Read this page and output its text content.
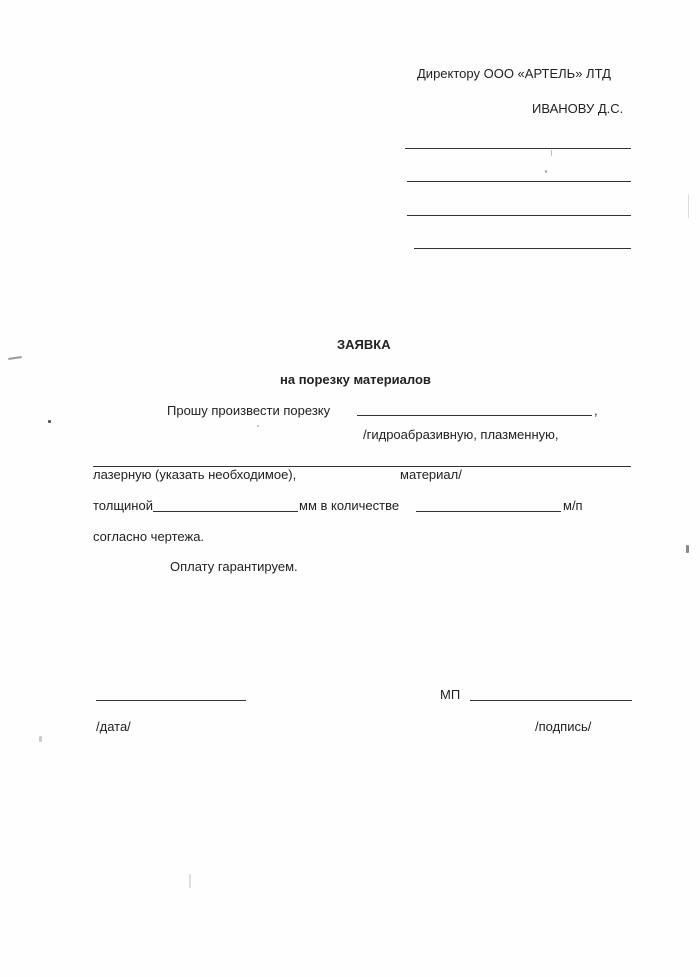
Директору ООО «АРТЕЛЬ» ЛТД
ИВАНОВУ Д.С.
ЗАЯВКА
на порезку материалов
Прошу произвести порезку	,
/гидроабразивную, плазменную,
лазерную (указать необходимое),	материал/
толщиной	мм в количестве	м/п
согласно чертежа.
Оплату гарантируем.
МП
/дата/	/подпись/
